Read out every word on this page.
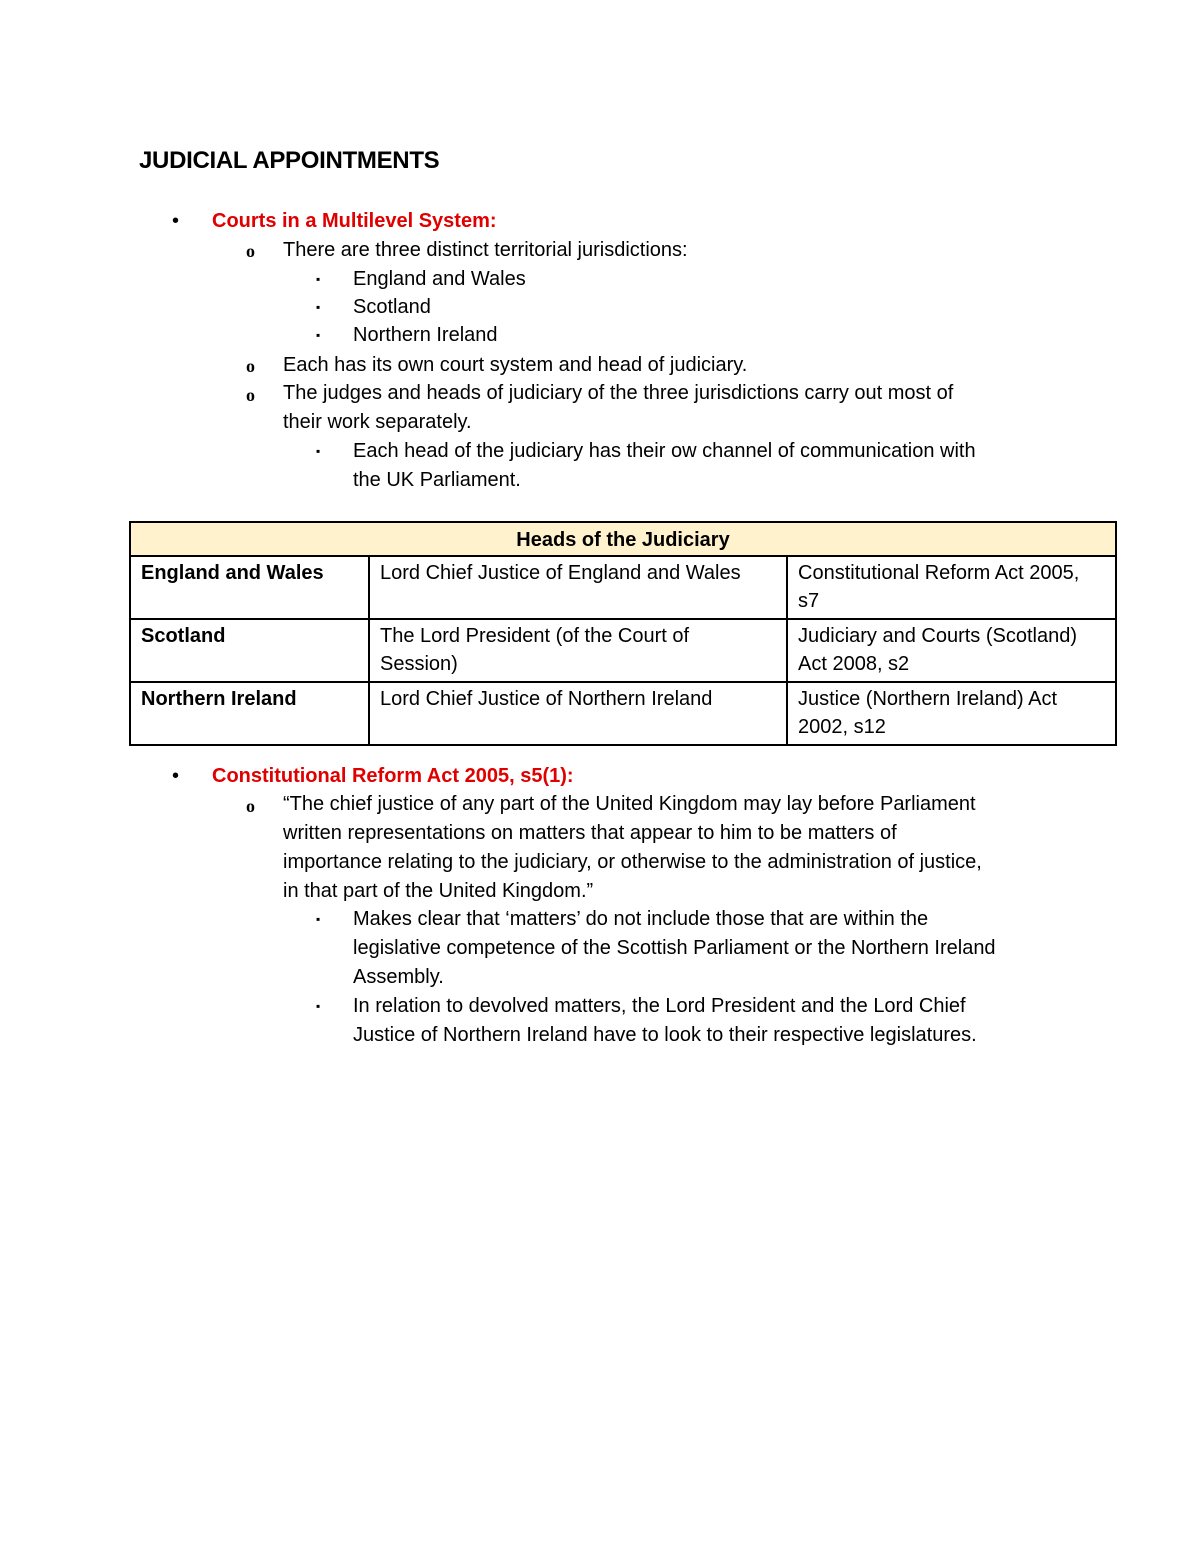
JUDICIAL APPOINTMENTS
• Courts in a Multilevel System:
o There are three distinct territorial jurisdictions:
▪ England and Wales
▪ Scotland
▪ Northern Ireland
o Each has its own court system and head of judiciary.
o The judges and heads of judiciary of the three jurisdictions carry out most of
their work separately.
▪ Each head of the judiciary has their ow channel of communication with
the UK Parliament.
Heads of the Judiciary		
England and Wales	Lord Chief Justice of England and Wales	Constitutional Reform Act 2005,
s7
Scotland	The Lord President (of the Court of
Session)	Judiciary and Courts (Scotland)
Act 2008, s2
Northern Ireland	Lord Chief Justice of Northern Ireland	Justice (Northern Ireland) Act
2002, s12
• Constitutional Reform Act 2005, s5(1):
o “The chief justice of any part of the United Kingdom may lay before Parliament
written representations on matters that appear to him to be matters of
importance relating to the judiciary, or otherwise to the administration of justice,
in that part of the United Kingdom.”
▪ Makes clear that ‘matters’ do not include those that are within the
legislative competence of the Scottish Parliament or the Northern Ireland
Assembly.
▪ In relation to devolved matters, the Lord President and the Lord Chief
Justice of Northern Ireland have to look to their respective legislatures.
